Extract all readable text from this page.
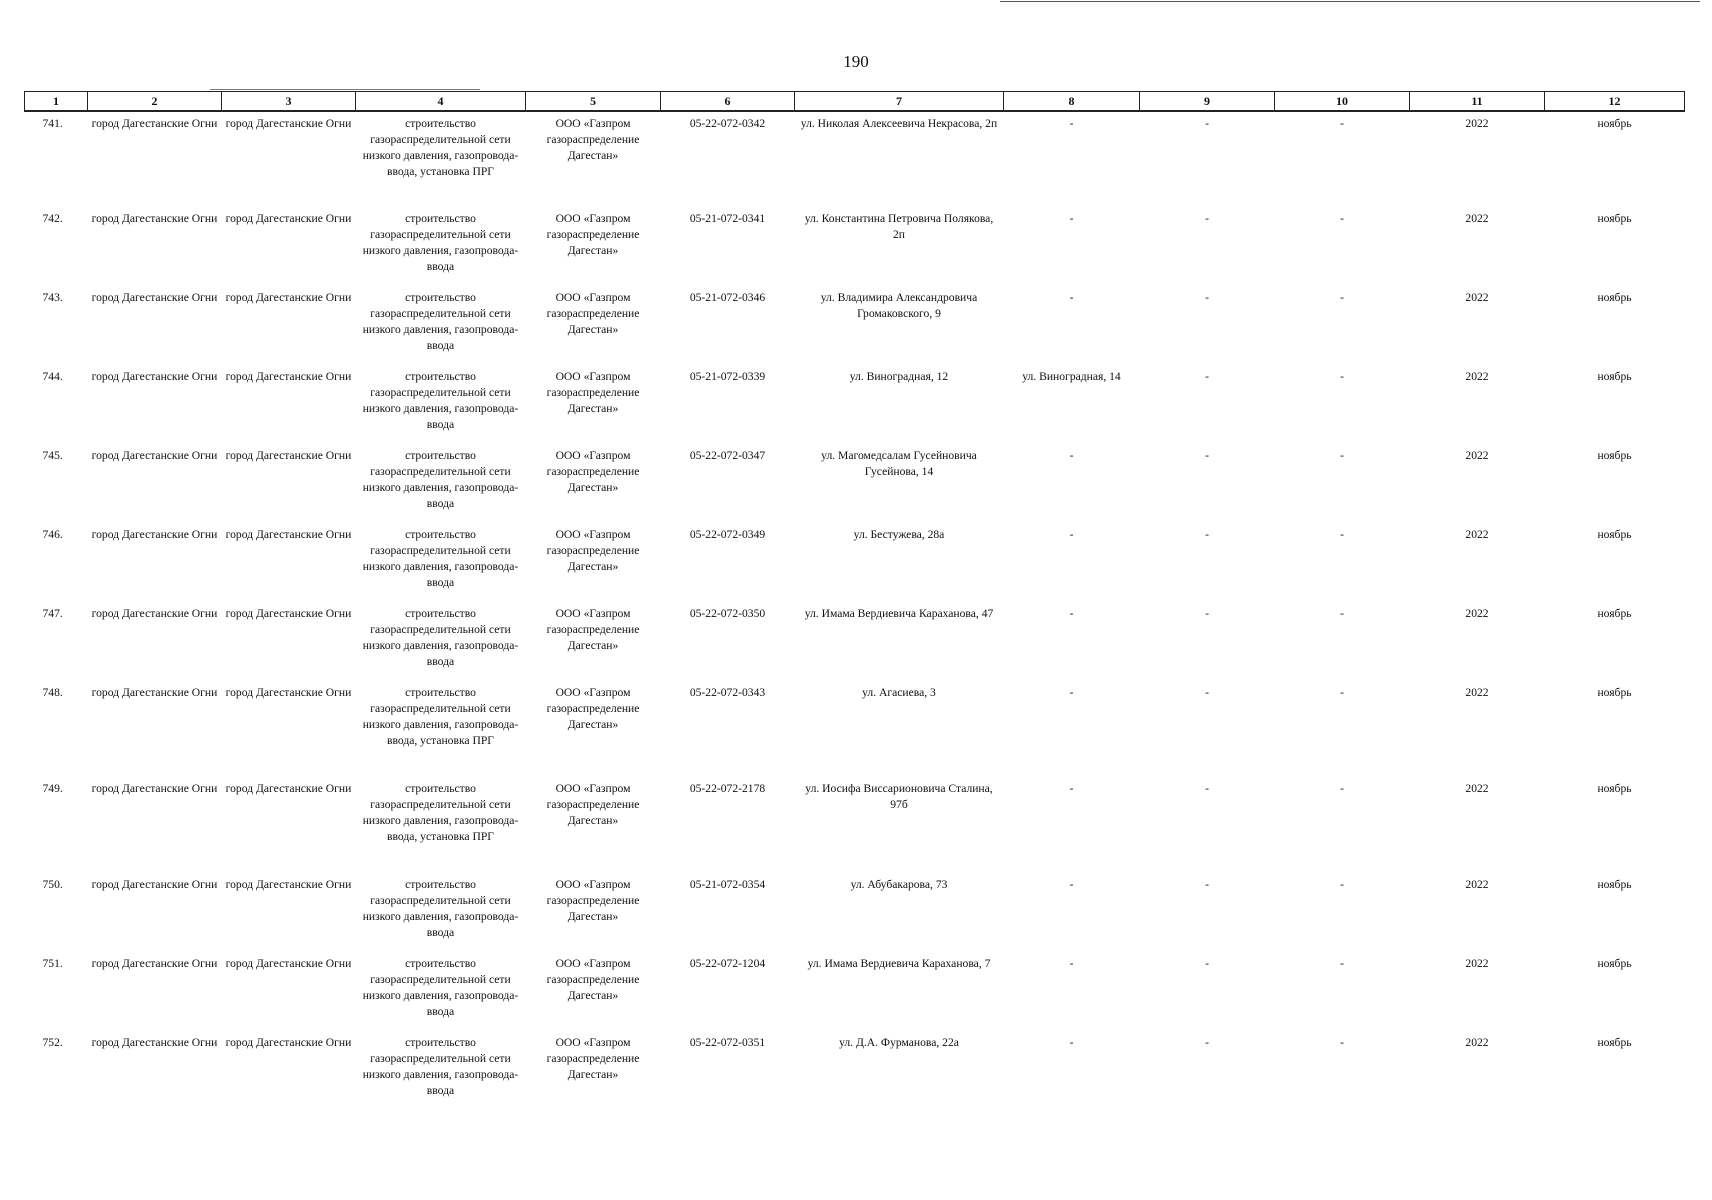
190
1	2	3	4	5	6	7	8	9	10	11	12
741.	город Дагестанские Огни	город Дагестанские Огни	строительство газораспределительной сети низкого давления, газопровода-ввода, установка ПРГ	ООО «Газпром газораспределение Дагестан»	05-22-072-0342	ул. Николая Алексеевича Некрасова, 2п	-	-	-	2022	ноябрь
742.	город Дагестанские Огни	город Дагестанские Огни	строительство газораспределительной сети низкого давления, газопровода-ввода	ООО «Газпром газораспределение Дагестан»	05-21-072-0341	ул. Константина Петровича Полякова, 2п	-	-	-	2022	ноябрь
743.	город Дагестанские Огни	город Дагестанские Огни	строительство газораспределительной сети низкого давления, газопровода-ввода	ООО «Газпром газораспределение Дагестан»	05-21-072-0346	ул. Владимира Александровича Громаковского, 9	-	-	-	2022	ноябрь
744.	город Дагестанские Огни	город Дагестанские Огни	строительство газораспределительной сети низкого давления, газопровода-ввода	ООО «Газпром газораспределение Дагестан»	05-21-072-0339	ул. Виноградная, 12	ул. Виноградная, 14	-	-	2022	ноябрь
745.	город Дагестанские Огни	город Дагестанские Огни	строительство газораспределительной сети низкого давления, газопровода-ввода	ООО «Газпром газораспределение Дагестан»	05-22-072-0347	ул. Магомедсалам Гусейновича Гусейнова, 14	-	-	-	2022	ноябрь
746.	город Дагестанские Огни	город Дагестанские Огни	строительство газораспределительной сети низкого давления, газопровода-ввода	ООО «Газпром газораспределение Дагестан»	05-22-072-0349	ул. Бестужева, 28а	-	-	-	2022	ноябрь
747.	город Дагестанские Огни	город Дагестанские Огни	строительство газораспределительной сети низкого давления, газопровода-ввода	ООО «Газпром газораспределение Дагестан»	05-22-072-0350	ул. Имама Вердиевича Караханова, 47	-	-	-	2022	ноябрь
748.	город Дагестанские Огни	город Дагестанские Огни	строительство газораспределительной сети низкого давления, газопровода-ввода, установка ПРГ	ООО «Газпром газораспределение Дагестан»	05-22-072-0343	ул. Агасиева, 3	-	-	-	2022	ноябрь
749.	город Дагестанские Огни	город Дагестанские Огни	строительство газораспределительной сети низкого давления, газопровода-ввода, установка ПРГ	ООО «Газпром газораспределение Дагестан»	05-22-072-2178	ул. Иосифа Виссарионовича Сталина, 97б	-	-	-	2022	ноябрь
750.	город Дагестанские Огни	город Дагестанские Огни	строительство газораспределительной сети низкого давления, газопровода-ввода	ООО «Газпром газораспределение Дагестан»	05-21-072-0354	ул. Абубакарова, 73	-	-	-	2022	ноябрь
751.	город Дагестанские Огни	город Дагестанские Огни	строительство газораспределительной сети низкого давления, газопровода-ввода	ООО «Газпром газораспределение Дагестан»	05-22-072-1204	ул. Имама Вердиевича Караханова, 7	-	-	-	2022	ноябрь
752.	город Дагестанские Огни	город Дагестанские Огни	строительство газораспределительной сети низкого давления, газопровода-ввода	ООО «Газпром газораспределение Дагестан»	05-22-072-0351	ул. Д.А. Фурманова, 22а	-	-	-	2022	ноябрь
